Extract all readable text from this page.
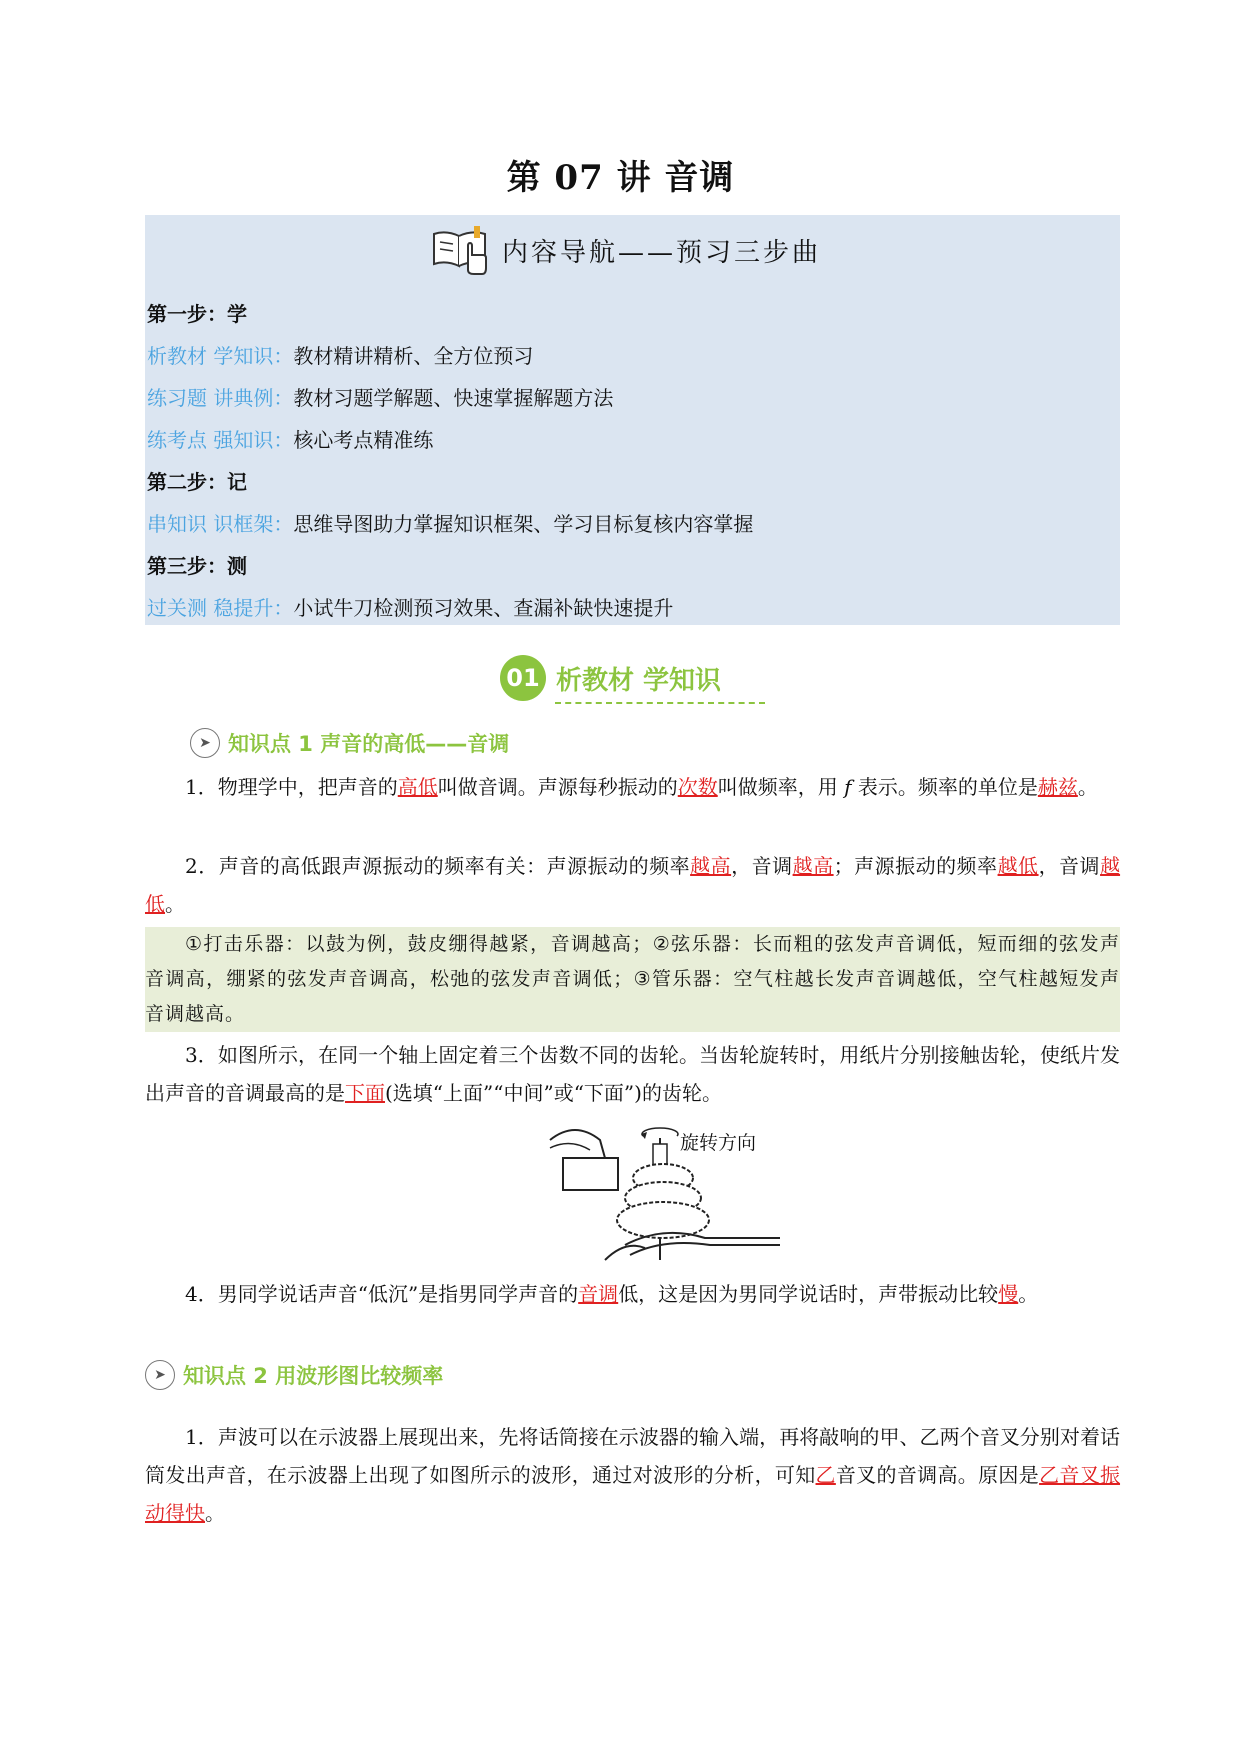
第 07 讲 音调
内容导航——预习三步曲
第一步：学
析教材 学知识：教材精讲精析、全方位预习
练习题 讲典例：教材习题学解题、快速掌握解题方法
练考点 强知识：核心考点精准练
第二步：记
串知识 识框架：思维导图助力掌握知识框架、学习目标复核内容掌握
第三步：测
过关测 稳提升：小试牛刀检测预习效果、查漏补缺快速提升
01 析教材 学知识
➤ 知识点 1 声音的高低——音调
1．物理学中，把声音的高低叫做音调。声源每秒振动的次数叫做频率，用 f 表示。频率的单位是赫兹。
2．声音的高低跟声源振动的频率有关：声源振动的频率越高，音调越高；声源振动的频率越低，音调越低。
①打击乐器：以鼓为例，鼓皮绷得越紧，音调越高；②弦乐器：长而粗的弦发声音调低，短而细的弦发声音调高，绷紧的弦发声音调高，松弛的弦发声音调低；③管乐器：空气柱越长发声音调越低，空气柱越短发声音调越高。
3．如图所示，在同一个轴上固定着三个齿数不同的齿轮。当齿轮旋转时，用纸片分别接触齿轮，使纸片发出声音的音调最高的是下面(选填“上面”“中间”或“下面”)的齿轮。
旋转方向
4．男同学说话声音“低沉”是指男同学声音的音调低，这是因为男同学说话时，声带振动比较慢。
➤ 知识点 2 用波形图比较频率
1．声波可以在示波器上展现出来，先将话筒接在示波器的输入端，再将敲响的甲、乙两个音叉分别对着话筒发出声音，在示波器上出现了如图所示的波形，通过对波形的分析，可知乙音叉的音调高。原因是乙音叉振动得快。
